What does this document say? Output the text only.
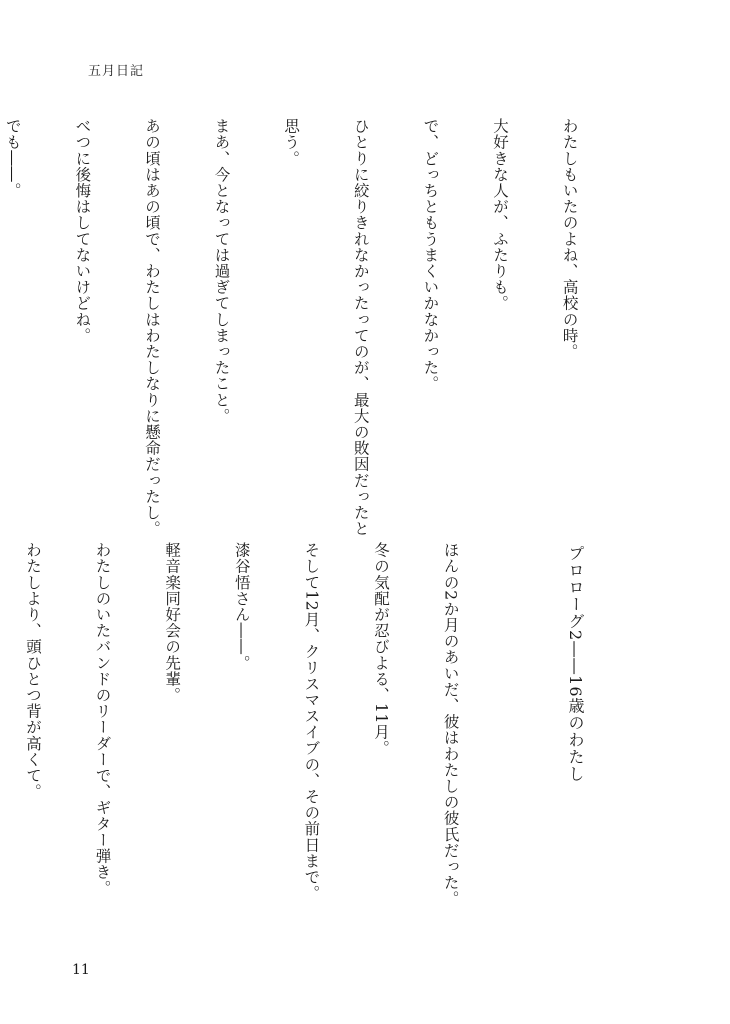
五月日記

わたしもいたのよね、高校の時。

大好きな人が、ふたりも。

で、どっちともうまくいかなかった。

ひとりに絞りきれなかったってのが、最大の敗因だったと

思う。

まあ、今となっては過ぎてしまったこと。

あの頃はあの頃で、わたしはわたしなりに懸命だったし。

べつに後悔はしてないけどね。

でも――。

プロローグ2――16歳のわたし

ほんの2か月のあいだ、彼はわたしの彼氏だった。

冬の気配が忍びよる、11月。

そして12月、クリスマスイブの、その前日まで。

漆谷悟さん――。

軽音楽同好会の先輩。

わたしのいたバンドのリーダーで、ギター弾き。

わたしより、頭ひとつ背が高くて。

11
